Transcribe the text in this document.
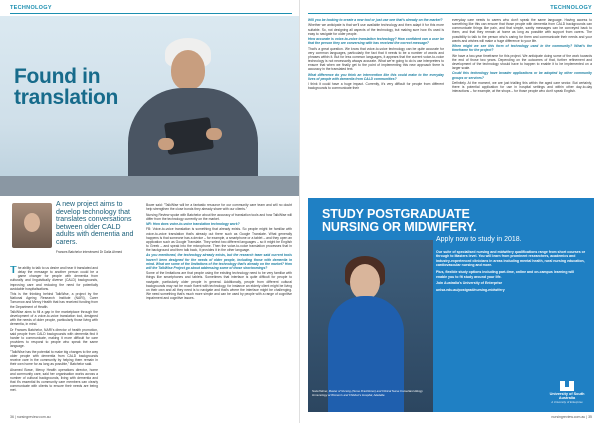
TECHNOLOGY
Found in
translation
A new project aims to develop technology that translates conversations between older CALD adults with dementia and carers.
Frances Batchelor interviewed Dr Dalia Ahmed

The ability to talk to us desire and hear it translated and delay the message to another person could be a game changer for people with dementia from culturally and linguistically diverse (CALD) backgrounds, improving care and reducing the need for potentially avoidable hospitalisations.

This is the thinking behind TalkWise, a project by the National Ageing Research Institute (NARI), Carer Tomorrow and Mercy Health that has received funding from the Department of Health.

TalkWise aims to fill a gap in the marketplace through the development of a voice-to-voice translation tool, designed with the needs of older people, particularly those living with dementia, in mind.

Dr Frances Batchelor, NARI's director of health promotion, said people from CALD backgrounds with dementia find it harder to communicate, making it more difficult for care providers to respond to people who speak the same language.

"TalkWise has the potential to make big changes to the way older people with dementia from CALD backgrounds receive care in the community by helping them remain in their own home for as long as possible," Batchelor said.

Ahamed Bowe, Mercy Health operations director, home and community care, said her organisation works across a number of cultural backgrounds, living with dementia and that it's essential its community care members can clearly communicate with clients to ensure their needs are being met.

Bowe said: "TalkWise will be a fantastic resource for our community care team and will no doubt help strengthen the close bonds they already share with our clients."

Nursing Review spoke with Batchelor about the accuracy of translation tools and how TalkWise will differ from the technology currently on the market.

NR: How does voice-to-voice translation technology work?

FB: Voice-to-voice translation is something that already exists. So people might be familiar with voice-to-voice translation that's already out there such as Google Translate. What generally happens is that someone has a device – for example, a smartphone or a tablet – and they open an application such as Google Translate. They select two different languages – so it might be English to Greek – and speak into the microphone. Then the voice-to-voice translation processes that in the background and then talk back, it provides it in the other language.

As you mentioned, the technology already exists, but the research team said current tools haven't been designed for the needs of older people, including those with dementia in mind. What are some of the limitations of the technology that's already on the market? How will the TalkWise Project go about addressing some of those shortcomings?

Some of the limitations are that people using the existing technology need to be very familiar with things like smartphones and tablets. Sometimes that interface is quite difficult for people to navigate, particularly older people in general. Additionally, people from different cultural backgrounds may not be much fluent with technology, for instance an elderly client might be living on their own and all they need is to navigate and that's where the interface might be challenging. We need something that's much more simple and can be used by people with a range of cognitive impairment and cognitive issues.

36 | nursingreview.com.au
TECHNOLOGY

Will you be looking to create a new tool or just use one that's already on the market?

Whether we anticipate is that we'll use available technology and then adapt it for this more suitable. So, not designing all aspects of the technology, but making sure how it's used is easy to navigate for older people.

How accurate is voice-to-voice translation technology? How confident can a user be that the person they are conversing with has received the correct message?

That's a great question. We know that voice-to-voice technology can be quite accurate for very common languages, particularly the fact that it needs to be a number of words and phrases within it. But for less common languages, it appears that the current voice-to-voice technology is not necessarily always accurate. What we're going to do is use interpreters to ensure that when we finally get to the point of implementing this new approach there is accuracy in the translated text.

What difference do you think an intervention like this could make to the everyday lives of people with dementia from CALD communities?

I think it could have a huge impact. Currently, it's very difficult for people from different backgrounds to communicate their

everyday care needs to carers who don't speak the same language. Having access to something like this can ensure that those people with dementia from CALD backgrounds can communicate things like pain, and that simple, sanity messages can be conveyed back to them, and that they remain at home as long as possible with support from carers. The possibility to talk to the person who's caring for them and communicate their needs and your wants and wishes will make a huge difference to your life.

When might we see this form of technology used in the community? What's the timeframe for the project?

We have a two-year timeframe for this project. We anticipate doing some of the work towards the end of those two years. Depending on the outcomes of that, further refinement and development of the technology should have to happen to enable it to be implemented on a larger scale.

Could this technology have broader applications or be adopted by other community groups or services?

Definitely. At the moment, we are just trialling this within the aged care sector. But certainly, there is potential application for use in hospital settings and within other day-to-day interactions – for example, at the shops – for those people who don't speak English.

STUDY POSTGRADUATE
NURSING OR MIDWIFERY.
Apply now to study in 2018.
Nola Palmer, Master of Nursing (Nurse Practitioner) and Clinical Nurse Consultant Allergy Immunology at Women's and Children's Hospital, Adelaide.

Our suite of specialised nursing and midwifery qualifications range from short courses or through to Masters level. You will learn from prominent researchers, academics and industry-experienced clinicians in areas including mental health, rural nursing education, cardiovascular nursing and more.

Plus, flexible study options including part-time, online and on-campus learning will enable you to fit study around your life.

Join Australia's University of Enterprise

unisa.edu.au/postgrad/nursing-midwifery

University of South Australia
A University of Enterprise
nursingreview.com.au | 35
